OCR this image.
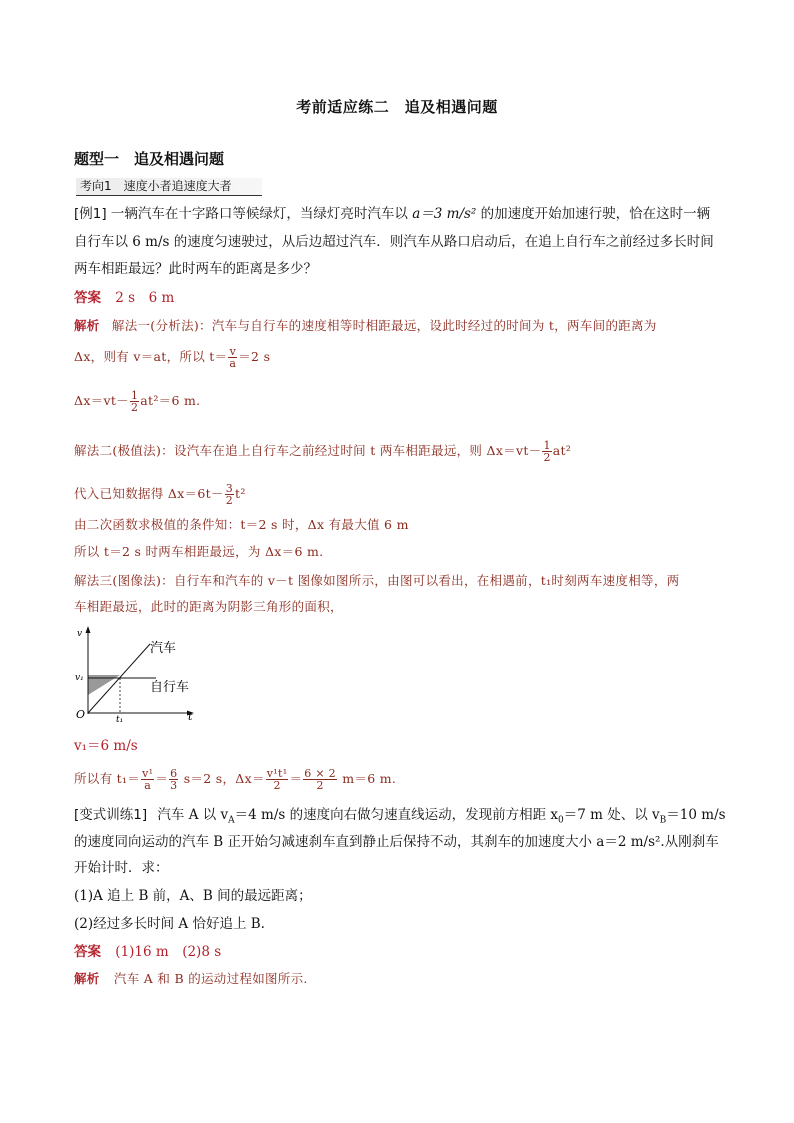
考前适应练二　追及相遇问题
题型一　追及相遇问题
考向1　速度小者追速度大者
[例1] 一辆汽车在十字路口等候绿灯，当绿灯亮时汽车以 a＝3 m/s² 的加速度开始加速行驶，恰在这时一辆
自行车以 6 m/s 的速度匀速驶过，从后边超过汽车．则汽车从路口启动后，在追上自行车之前经过多长时间
两车相距最远？此时两车的距离是多少？
答案 2 s　6 m
解析 解法一(分析法)：汽车与自行车的速度相等时相距最远，设此时经过的时间为 t，两车间的距离为
Δx，则有 v＝at，所以 $t= \frac{v}{a} =2$ s
$\Delta x=vt- \frac{1}{2} at^2=6$ m.
解法二(极值法)：设汽车在追上自行车之前经过时间 t 两车相距最远，则 $\Delta x=vt- \frac{1}{2} at^2$
代入已知数据得 $\Delta x=6t- \frac{3}{2} t^2$
由二次函数求极值的条件知：t＝2 s 时，Δx 有最大值 6 m
所以 t＝2 s 时两车相距最远，为 Δx＝6 m.
解法三(图像法)：自行车和汽车的 v－t 图像如图所示，由图可以看出，在相遇前，t₁时刻两车速度相等，两
车相距最远，此时的距离为阴影三角形的面积，
v
t
O
v₁
t₁
汽车
自行车
v₁＝6 m/s
所以有 $t_1= \frac{\text{v¹}}{a} = \frac{6}{3} s=2$ s，$\Delta x= \frac{\text{v¹t¹}}{2} = \frac{6 \times 2}{2} m=6$ m.
[变式训练1] 汽车 A 以 $v_A=4$ m/s 的速度向右做匀速直线运动，发现前方相距 $x_0=7$ m 处、以 $v_B=10$ m/s
的速度同向运动的汽车 B 正开始匀减速刹车直到静止后保持不动，其刹车的加速度大小 a＝2 m/s².从刚刹车
开始计时．求：
(1)A 追上 B 前，A、B 间的最远距离；
(2)经过多长时间 A 恰好追上 B.
答案 (1)16 m　(2)8 s
解析 汽车 A 和 B 的运动过程如图所示.
